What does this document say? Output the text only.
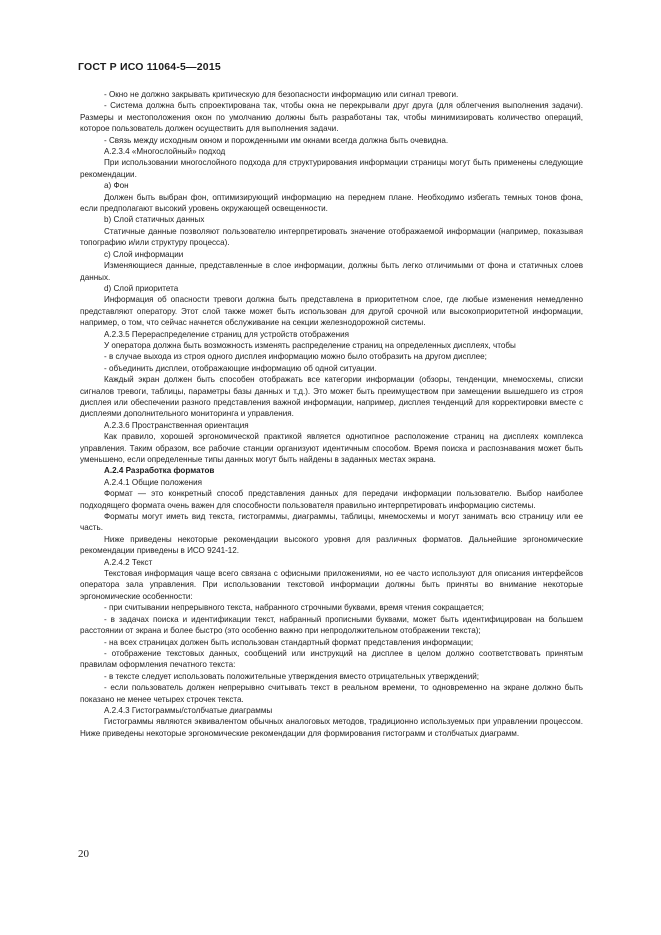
ГОСТ Р ИСО 11064-5—2015

- Окно не должно закрывать критическую для безопасности информацию или сигнал тревоги.

- Система должна быть спроектирована так, чтобы окна не перекрывали друг друга (для облегчения выполнения задачи). Размеры и местоположения окон по умолчанию должны быть разработаны так, чтобы минимизировать количество операций, которое пользователь должен осуществить для выполнения задачи.

- Связь между исходным окном и порожденными им окнами всегда должна быть очевидна.

А.2.3.4 «Многослойный» подход

При использовании многослойного подхода для структурирования информации страницы могут быть применены следующие рекомендации.

a) Фон

Должен быть выбран фон, оптимизирующий информацию на переднем плане. Необходимо избегать темных тонов фона, если предполагают высокий уровень окружающей освещенности.

b) Слой статичных данных

Статичные данные позволяют пользователю интерпретировать значение отображаемой информации (например, показывая топографию и/или структуру процесса).

c) Слой информации

Изменяющиеся данные, представленные в слое информации, должны быть легко отличимыми от фона и статичных слоев данных.

d) Слой приоритета

Информация об опасности тревоги должна быть представлена в приоритетном слое, где любые изменения немедленно представляют оператору. Этот слой также может быть использован для другой срочной или высокоприоритетной информации, например, о том, что сейчас начнется обслуживание на секции железнодорожной системы.

А.2.3.5 Перераспределение страниц для устройств отображения

У оператора должна быть возможность изменять распределение страниц на определенных дисплеях, чтобы

- в случае выхода из строя одного дисплея информацию можно было отобразить на другом дисплее;

- объединить дисплеи, отображающие информацию об одной ситуации.

Каждый экран должен быть способен отображать все категории информации (обзоры, тенденции, мнемосхемы, списки сигналов тревоги, таблицы, параметры базы данных и т.д.). Это может быть преимуществом при замещении вышедшего из строя дисплея или обеспечении разного представления важной информации, например, дисплея тенденций для корректировки вместе с дисплеями дополнительного мониторинга и управления.

А.2.3.6 Пространственная ориентация

Как правило, хорошей эргономической практикой является однотипное расположение страниц на дисплеях комплекса управления. Таким образом, все рабочие станции организуют идентичным способом. Время поиска и распознавания может быть уменьшено, если определенные типы данных могут быть найдены в заданных местах экрана.

А.2.4 Разработка форматов

А.2.4.1 Общие положения

Формат — это конкретный способ представления данных для передачи информации пользователю. Выбор наиболее подходящего формата очень важен для способности пользователя правильно интерпретировать информацию системы.

Форматы могут иметь вид текста, гистограммы, диаграммы, таблицы, мнемосхемы и могут занимать всю страницу или ее часть.

Ниже приведены некоторые рекомендации высокого уровня для различных форматов. Дальнейшие эргономические рекомендации приведены в ИСО 9241-12.

А.2.4.2 Текст

Текстовая информация чаще всего связана с офисными приложениями, но ее часто используют для описания интерфейсов оператора зала управления. При использовании текстовой информации должны быть приняты во внимание некоторые эргономические особенности:

- при считывании непрерывного текста, набранного строчными буквами, время чтения сокращается;

- в задачах поиска и идентификации текст, набранный прописными буквами, может быть идентифицирован на большем расстоянии от экрана и более быстро (это особенно важно при непродолжительном отображении текста);

- на всех страницах должен быть использован стандартный формат представления информации;

- отображение текстовых данных, сообщений или инструкций на дисплее в целом должно соответствовать принятым правилам оформления печатного текста:

- в тексте следует использовать положительные утверждения вместо отрицательных утверждений;

- если пользователь должен непрерывно считывать текст в реальном времени, то одновременно на экране должно быть показано не менее четырех строчек текста.

А.2.4.3 Гистограммы/столбчатые диаграммы

Гистограммы являются эквивалентом обычных аналоговых методов, традиционно используемых при управлении процессом. Ниже приведены некоторые эргономические рекомендации для формирования гистограмм и столбчатых диаграмм.

20
